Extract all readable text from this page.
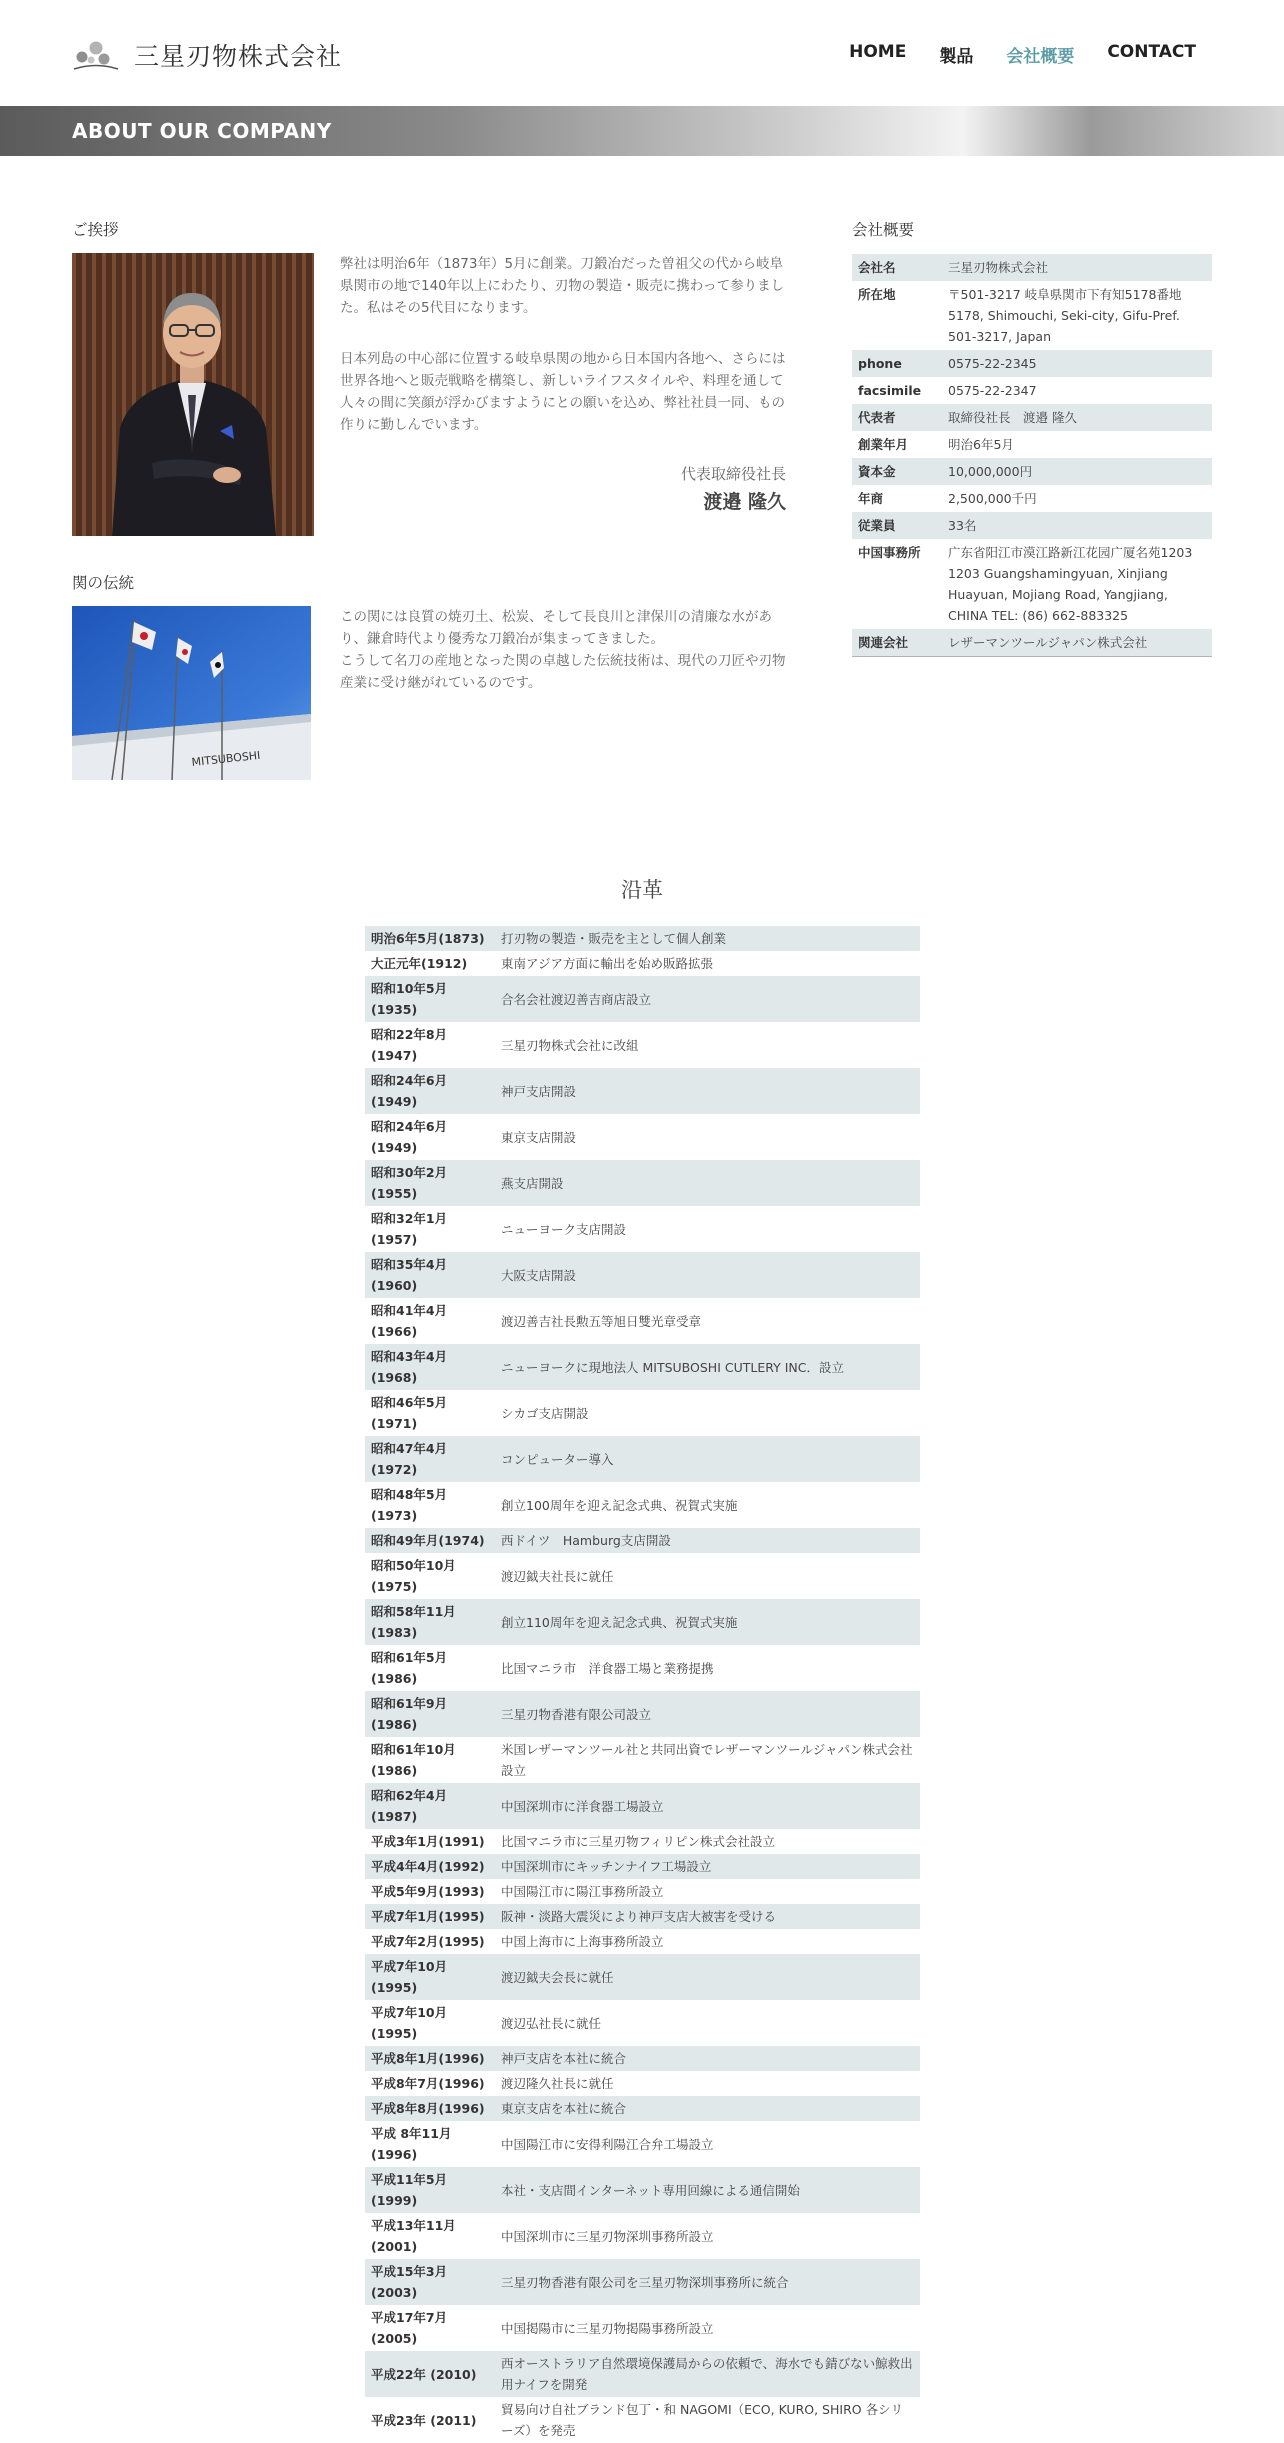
三星刃物株式会社	HOME 製品 会社概要 CONTACT
ABOUT OUR COMPANY
ご挨拶
弊社は明治6年（1873年）5月に創業。刀鍛冶だった曽祖父の代から岐阜県関市の地で140年以上にわたり、刃物の製造・販売に携わって参りました。私はその5代目になります。
日本列島の中心部に位置する岐阜県関の地から日本国内各地へ、さらには世界各地へと販売戦略を構築し、新しいライフスタイルや、料理を通して人々の間に笑顔が浮かびますようにとの願いを込め、弊社社員一同、もの作りに勤しんでいます。
代表取締役社長
渡邉 隆久
関の伝統
MITSUBOSHI
この関には良質の焼刃土、松炭、そして長良川と津保川の清廉な水があり、鎌倉時代より優秀な刀鍛冶が集まってきました。
こうして名刀の産地となった関の卓越した伝統技術は、現代の刀匠や刃物産業に受け継がれているのです。
会社概要
会社名	三星刃物株式会社
所在地	〒501-3217 岐阜県関市下有知5178番地 5178, Shimouchi, Seki-city, Gifu-Pref. 501-3217, Japan
phone	0575-22-2345
facsimile	0575-22-2347
代表者	取締役社長　渡邉 隆久
創業年月	明治6年5月
資本金	10,000,000円
年商	2,500,000千円
従業員	33名
中国事務所	广东省阳江市漠江路新江花园广厦名苑1203 1203 Guangshamingyuan, Xinjiang Huayuan, Mojiang Road, Yangjiang, CHINA TEL: (86) 662-883325
関連会社	レザーマンツールジャパン株式会社
沿革
明治6年5月(1873)	打刃物の製造・販売を主として個人創業
大正元年(1912)	東南アジア方面に輸出を始め販路拡張
昭和10年5月(1935)	合名会社渡辺善吉商店設立
昭和22年8月(1947)	三星刃物株式会社に改組
昭和24年6月(1949)	神戸支店開設
昭和24年6月(1949)	東京支店開設
昭和30年2月(1955)	燕支店開設
昭和32年1月(1957)	ニューヨーク支店開設
昭和35年4月(1960)	大阪支店開設
昭和41年4月(1966)	渡辺善吉社長勲五等旭日雙光章受章
昭和43年4月(1968)	ニューヨークに現地法人 MITSUBOSHI CUTLERY INC．設立
昭和46年5月(1971)	シカゴ支店開設
昭和47年4月(1972)	コンピューター導入
昭和48年5月(1973)	創立100周年を迎え記念式典、祝賀式実施
昭和49年月(1974)	西ドイツ　Hamburg支店開設
昭和50年10月 (1975)	渡辺鉞夫社長に就任
昭和58年11月 (1983)	創立110周年を迎え記念式典、祝賀式実施
昭和61年5月(1986)	比国マニラ市　洋食器工場と業務提携
昭和61年9月(1986)	三星刃物香港有限公司設立
昭和61年10月 (1986)	米国レザーマンツール社と共同出資でレザーマンツールジャパン株式会社設立
昭和62年4月(1987)	中国深圳市に洋食器工場設立
平成3年1月(1991)	比国マニラ市に三星刃物フィリピン株式会社設立
平成4年4月(1992)	中国深圳市にキッチンナイフ工場設立
平成5年9月(1993)	中国陽江市に陽江事務所設立
平成7年1月(1995)	阪神・淡路大震災により神戸支店大被害を受ける
平成7年2月(1995)	中国上海市に上海事務所設立
平成7年10月(1995)	渡辺鉞夫会長に就任
平成7年10月(1995)	渡辺弘社長に就任
平成8年1月(1996)	神戸支店を本社に統合
平成8年7月(1996)	渡辺隆久社長に就任
平成8年8月(1996)	東京支店を本社に統合
平成 8年11月 (1996)	中国陽江市に安得利陽江合弁工場設立
平成11年5月(1999)	本社・支店間インターネット専用回線による通信開始
平成13年11月 (2001)	中国深圳市に三星刃物深圳事務所設立
平成15年3月(2003)	三星刃物香港有限公司を三星刃物深圳事務所に統合
平成17年7月(2005)	中国掲陽市に三星刃物掲陽事務所設立
平成22年 (2010)	西オーストラリア自然環境保護局からの依頼で、海水でも錆びない鯨救出用ナイフを開発
平成23年 (2011)	貿易向け自社ブランド包丁・和 NAGOMI（ECO, KURO, SHIRO 各シリーズ）を発売
